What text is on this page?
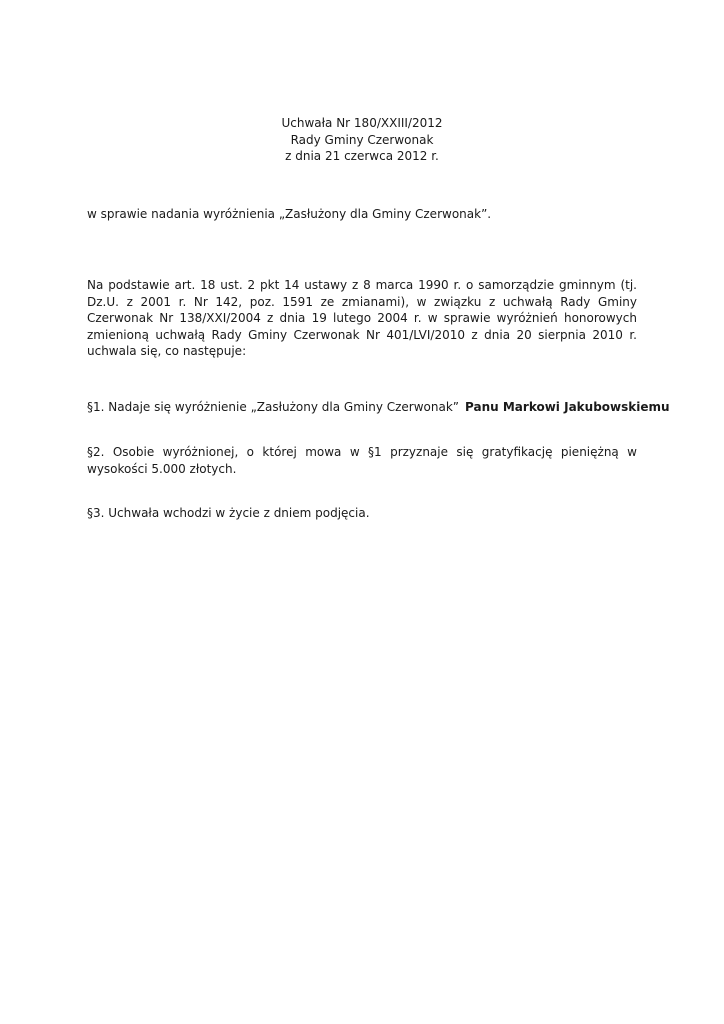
Uchwała Nr 180/XXIII/2012
Rady Gminy Czerwonak
z dnia 21 czerwca 2012 r.
w sprawie nadania wyróżnienia „Zasłużony dla Gminy Czerwonak”.
Na podstawie art. 18 ust. 2 pkt 14 ustawy z 8 marca 1990 r. o samorządzie gminnym (tj. Dz.U. z 2001 r. Nr 142, poz. 1591 ze zmianami), w związku z uchwałą Rady Gminy Czerwonak Nr 138/XXI/2004 z dnia 19 lutego 2004 r. w sprawie wyróżnień honorowych zmienioną uchwałą Rady Gminy Czerwonak Nr 401/LVI/2010 z dnia 20 sierpnia 2010 r. uchwala się, co następuje:
§1. Nadaje się wyróżnienie „Zasłużony dla Gminy Czerwonak” Panu Markowi Jakubowskiemu
§2. Osobie wyróżnionej, o której mowa w §1 przyznaje się gratyfikację pieniężną w wysokości 5.000 złotych.
§3. Uchwała wchodzi w życie z dniem podjęcia.
